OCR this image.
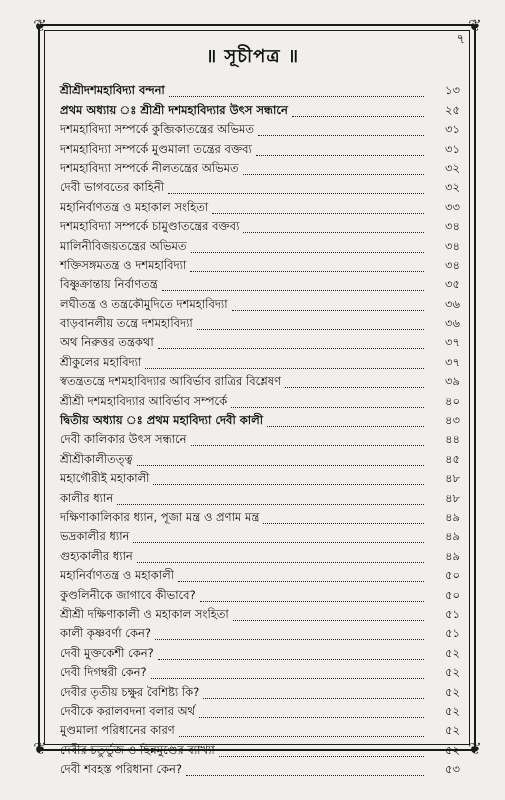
৭
❦	❦
❦	❦
॥ সূচীপত্র ॥
শ্রীশ্রীদশমহাবিদ্যা বন্দনা	১৩
প্রথম অধ্যায় ঃ শ্রীশ্রী দশমহাবিদ্যার উৎস সন্ধানে	২৫
দশমহাবিদ্যা সম্পর্কে কুব্জিকাতন্ত্রের অভিমত	৩১
দশমহাবিদ্যা সম্পর্কে মুণ্ডমালা তন্ত্রের বক্তব্য	৩১
দশমহাবিদ্যা সম্পর্কে নীলতন্ত্রের অভিমত	৩২
দেবী ভাগবতের কাহিনী	৩২
মহানির্বাণতন্ত্র ও মহাকাল সংহিতা	৩৩
দশমহাবিদ্যা সম্পর্কে চামুণ্ডাতন্ত্রের বক্তব্য	৩৪
মালিনীবিজয়তন্ত্রের অভিমত	৩৪
শক্তিসঙ্গমতন্ত্র ও দশমহাবিদ্যা	৩৪
বিষ্ণুক্রান্তায় নির্বাণতন্ত্র	৩৫
লঘীতন্ত্র ও তন্ত্রকৌমুদিতে দশমহাবিদ্যা	৩৬
বাড়বানলীয় তন্ত্রে দশমহাবিদ্যা	৩৬
অথ নিরুত্তর তন্ত্রকথা	৩৭
শ্রীকুলের মহাবিদ্যা	৩৭
স্বতন্ত্রতন্ত্রে দশমহাবিদ্যার আবির্ভাব রাত্রির বিশ্লেষণ	৩৯
শ্রীশ্রী দশমহাবিদ্যার আবির্ভাব সম্পর্কে	৪০
দ্বিতীয় অধ্যায় ঃ প্রথম মহাবিদ্যা দেবী কালী	৪৩
দেবী কালিকার উৎস সন্ধানে	৪৪
শ্রীশ্রীকালীতত্ত্ব	৪৫
মহাগৌরীই মহাকালী	৪৮
কালীর ধ্যান	৪৮
দক্ষিণাকালিকার ধ্যান, পূজা মন্ত্র ও প্রণাম মন্ত্র	৪৯
ভদ্রকালীর ধ্যান	৪৯
গুহ্যকালীর ধ্যান	৪৯
মহানির্বাণতন্ত্র ও মহাকালী	৫০
কুণ্ডলিনীকে জাগাবে কীভাবে?	৫০
শ্রীশ্রী দক্ষিণাকালী ও মহাকাল সংহিতা	৫১
কালী কৃষ্ণবর্ণা কেন?	৫১
দেবী মুক্তকেশী কেন?	৫২
দেবী দিগম্বরী কেন?	৫২
দেবীর তৃতীয় চক্ষুর বৈশিষ্ট্য কি?	৫২
দেবীকে করালবদনা বলার অর্থ	৫২
মুণ্ডমালা পরিধানের কারণ	৫২
দেবীর চতুর্ভুজ ও ছিন্নমুণ্ডের ব্যাখ্যা	৫২
দেবী শবহস্ত পরিধানা কেন?	৫৩
